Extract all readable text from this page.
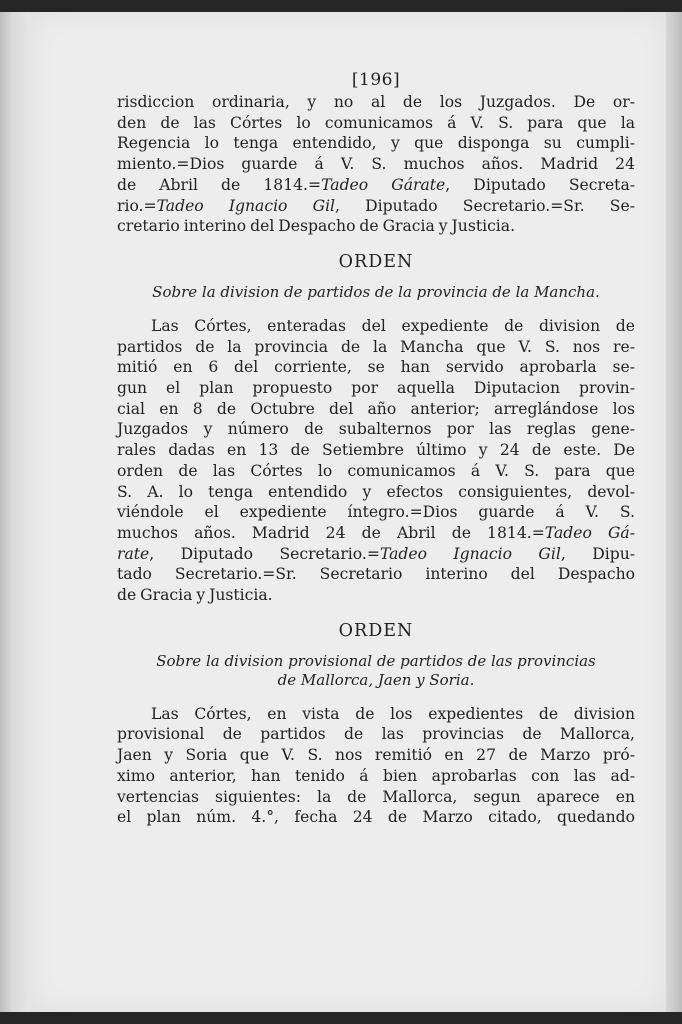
[196]
risdiccion ordinaria, y no al de los Juzgados. De or-
den de las Córtes lo comunicamos á V. S. para que la
Regencia lo tenga entendido, y que disponga su cumpli-
miento.=Dios guarde á V. S. muchos años. Madrid 24
de Abril de 1814.=Tadeo Gárate, Diputado Secreta-
rio.=Tadeo Ignacio Gil, Diputado Secretario.=Sr. Se-
cretario interino del Despacho de Gracia y Justicia.
ORDEN
Sobre la division de partidos de la provincia de la Mancha.
Las Córtes, enteradas del expediente de division de
partidos de la provincia de la Mancha que V. S. nos re-
mitió en 6 del corriente, se han servido aprobarla se-
gun el plan propuesto por aquella Diputacion provin-
cial en 8 de Octubre del año anterior; arreglándose los
Juzgados y número de subalternos por las reglas gene-
rales dadas en 13 de Setiembre último y 24 de este. De
orden de las Córtes lo comunicamos á V. S. para que
S. A. lo tenga entendido y efectos consiguientes, devol-
viéndole el expediente íntegro.=Dios guarde á V. S.
muchos años. Madrid 24 de Abril de 1814.=Tadeo Gá-
rate, Diputado Secretario.=Tadeo Ignacio Gil, Dipu-
tado Secretario.=Sr. Secretario interino del Despacho
de Gracia y Justicia.
ORDEN
Sobre la division provisional de partidos de las provincias
de Mallorca, Jaen y Soria.
Las Córtes, en vista de los expedientes de division
provisional de partidos de las provincias de Mallorca,
Jaen y Soria que V. S. nos remitió en 27 de Marzo pró-
ximo anterior, han tenido á bien aprobarlas con las ad-
vertencias siguientes: la de Mallorca, segun aparece en
el plan núm. 4.°, fecha 24 de Marzo citado, quedando
